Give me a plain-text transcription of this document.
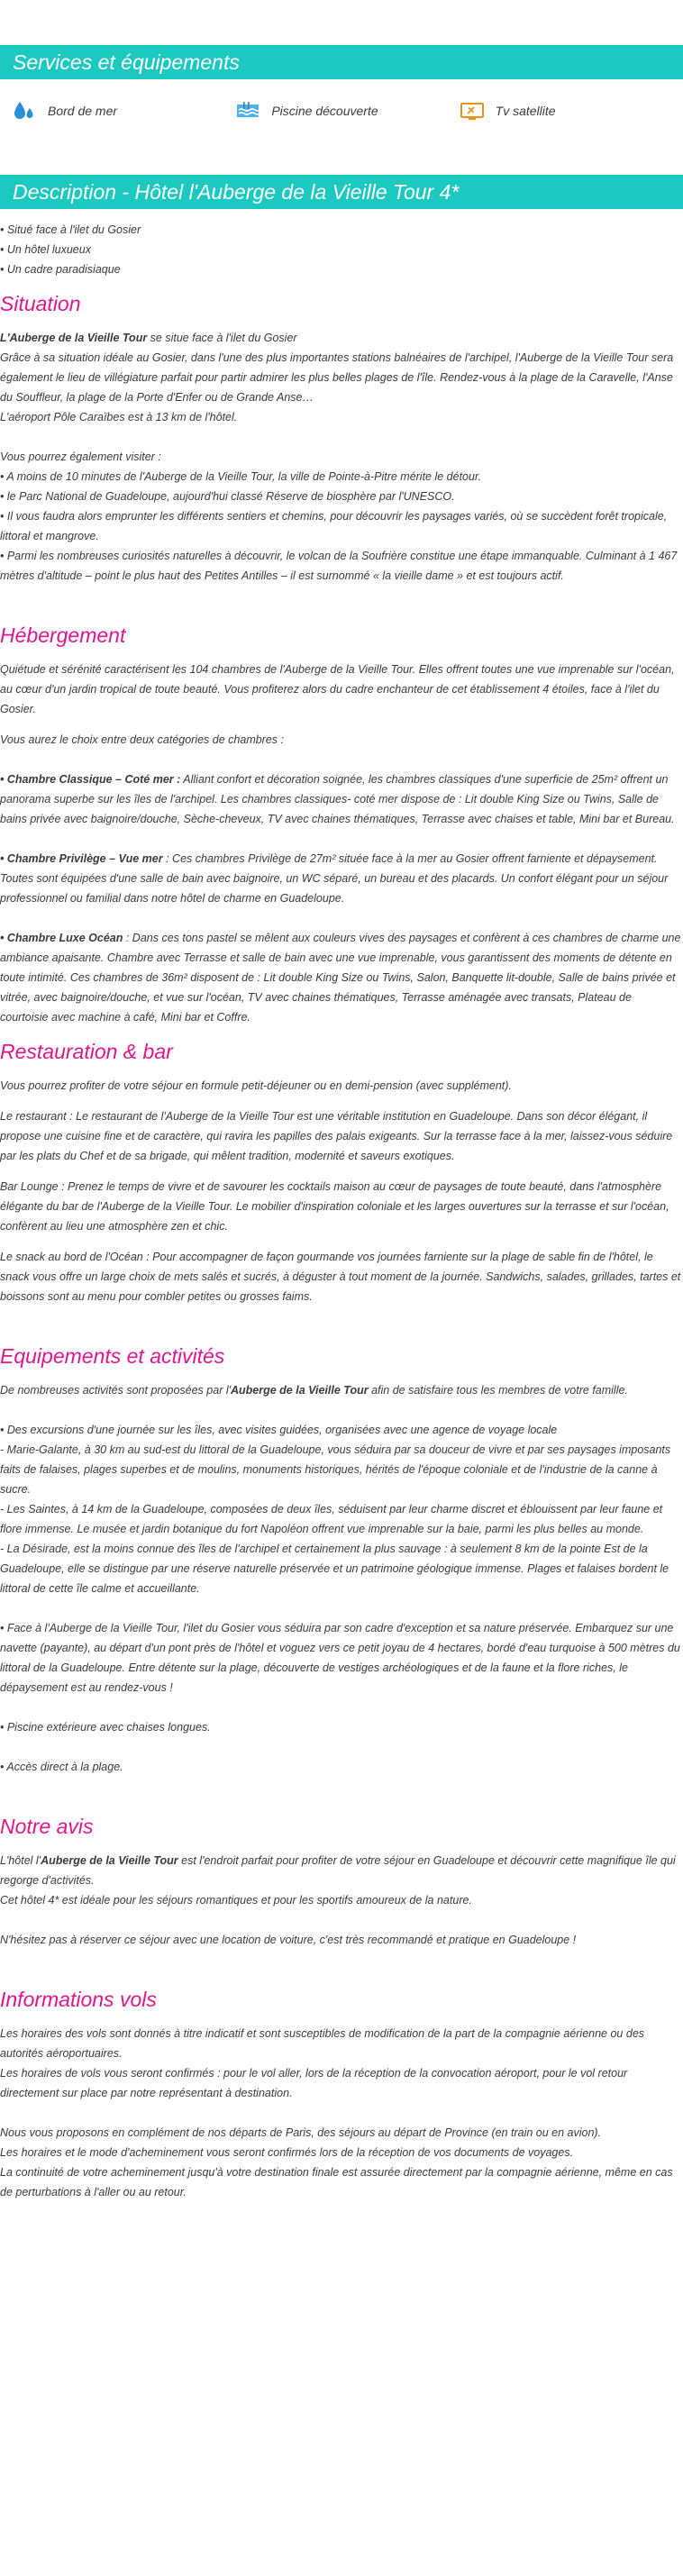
Services et équipements
Bord de mer	Piscine découverte	Tv satellite
Description - Hôtel l'Auberge de la Vieille Tour 4*

• Situé face à l'ilet du Gosier

• Un hôtel luxueux

• Un cadre paradisiaque

Situation

L'Auberge de la Vieille Tour se situe face à l'ilet du Gosier

Grâce à sa situation idéale au Gosier, dans l'une des plus importantes stations balnéaires de l'archipel, l'Auberge de la Vieille Tour sera également le lieu de villégiature parfait pour partir admirer les plus belles plages de l'île. Rendez-vous à la plage de la Caravelle, l'Anse du Souffleur, la plage de la Porte d'Enfer ou de Grande Anse…

L'aéroport Pôle Caraïbes est à 13 km de l'hôtel.

Vous pourrez également visiter :

• A moins de 10 minutes de l'Auberge de la Vieille Tour, la ville de Pointe-à-Pitre mérite le détour.

• le Parc National de Guadeloupe, aujourd'hui classé Réserve de biosphère par l'UNESCO.

• Il vous faudra alors emprunter les différents sentiers et chemins, pour découvrir les paysages variés, où se succèdent forêt tropicale, littoral et mangrove.

• Parmi les nombreuses curiosités naturelles à découvrir, le volcan de la Soufrière constitue une étape immanquable. Culminant à 1 467 mètres d'altitude – point le plus haut des Petites Antilles – il est surnommé « la vieille dame » et est toujours actif.

Hébergement

Quiétude et sérénité caractérisent les 104 chambres de l'Auberge de la Vieille Tour. Elles offrent toutes une vue imprenable sur l'océan, au cœur d'un jardin tropical de toute beauté. Vous profiterez alors du cadre enchanteur de cet établissement 4 étoiles, face à l'ilet du Gosier.

Vous aurez le choix entre deux catégories de chambres :

• Chambre Classique – Coté mer : Alliant confort et décoration soignée, les chambres classiques d'une superficie de 25m² offrent un panorama superbe sur les îles de l'archipel. Les chambres classiques- coté mer dispose de : Lit double King Size ou Twins, Salle de bains privée avec baignoire/douche, Sèche-cheveux, TV avec chaines thématiques, Terrasse avec chaises et table, Mini bar et Bureau.

• Chambre Privilège – Vue mer : Ces chambres Privilège de 27m² située face à la mer au Gosier offrent farniente et dépaysement. Toutes sont équipées d'une salle de bain avec baignoire, un WC séparé, un bureau et des placards. Un confort élégant pour un séjour professionnel ou familial dans notre hôtel de charme en Guadeloupe.

• Chambre Luxe Océan : Dans ces tons pastel se mêlent aux couleurs vives des paysages et confèrent à ces chambres de charme une ambiance apaisante. Chambre avec Terrasse et salle de bain avec une vue imprenable, vous garantissent des moments de détente en toute intimité. Ces chambres de 36m² disposent de : Lit double King Size ou Twins, Salon, Banquette lit-double, Salle de bains privée et vitrée, avec baignoire/douche, et vue sur l'océan, TV avec chaines thématiques, Terrasse aménagée avec transats, Plateau de courtoisie avec machine à café, Mini bar et Coffre.

Restauration & bar

Vous pourrez profiter de votre séjour en formule petit-déjeuner ou en demi-pension (avec supplément).

Le restaurant : Le restaurant de l'Auberge de la Vieille Tour est une véritable institution en Guadeloupe. Dans son décor élégant, il propose une cuisine fine et de caractère, qui ravira les papilles des palais exigeants. Sur la terrasse face à la mer, laissez-vous séduire par les plats du Chef et de sa brigade, qui mêlent tradition, modernité et saveurs exotiques.

Bar Lounge : Prenez le temps de vivre et de savourer les cocktails maison au cœur de paysages de toute beauté, dans l'atmosphère élégante du bar de l'Auberge de la Vieille Tour. Le mobilier d'inspiration coloniale et les larges ouvertures sur la terrasse et sur l'océan, confèrent au lieu une atmosphère zen et chic.

Le snack au bord de l'Océan : Pour accompagner de façon gourmande vos journées farniente sur la plage de sable fin de l'hôtel, le snack vous offre un large choix de mets salés et sucrés, à déguster à tout moment de la journée. Sandwichs, salades, grillades, tartes et boissons sont au menu pour combler petites ou grosses faims.

Equipements et activités

De nombreuses activités sont proposées par l'Auberge de la Vieille Tour afin de satisfaire tous les membres de votre famille.

• Des excursions d'une journée sur les îles, avec visites guidées, organisées avec une agence de voyage locale

- Marie-Galante, à 30 km au sud-est du littoral de la Guadeloupe, vous séduira par sa douceur de vivre et par ses paysages imposants faits de falaises, plages superbes et de moulins, monuments historiques, hérités de l'époque coloniale et de l'industrie de la canne à sucre.

- Les Saintes, à 14 km de la Guadeloupe, composées de deux îles, séduisent par leur charme discret et éblouissent par leur faune et flore immense. Le musée et jardin botanique du fort Napoléon offrent vue imprenable sur la baie, parmi les plus belles au monde.

- La Désirade, est la moins connue des îles de l'archipel et certainement la plus sauvage : à seulement 8 km de la pointe Est de la Guadeloupe, elle se distingue par une réserve naturelle préservée et un patrimoine géologique immense. Plages et falaises bordent le littoral de cette île calme et accueillante.

• Face à l'Auberge de la Vieille Tour, l'ilet du Gosier vous séduira par son cadre d'exception et sa nature préservée. Embarquez sur une navette (payante), au départ d'un pont près de l'hôtel et voguez vers ce petit joyau de 4 hectares, bordé d'eau turquoise à 500 mètres du littoral de la Guadeloupe. Entre détente sur la plage, découverte de vestiges archéologiques et de la faune et la flore riches, le dépaysement est au rendez-vous !

• Piscine extérieure avec chaises longues.

• Accès direct à la plage.

Notre avis

L'hôtel l'Auberge de la Vieille Tour est l'endroit parfait pour profiter de votre séjour en Guadeloupe et découvrir cette magnifique île qui regorge d'activités.

Cet hôtel 4* est idéale pour les séjours romantiques et pour les sportifs amoureux de la nature.

N'hésitez pas à réserver ce séjour avec une location de voiture, c'est très recommandé et pratique en Guadeloupe !

Informations vols

Les horaires des vols sont donnés à titre indicatif et sont susceptibles de modification de la part de la compagnie aérienne ou des autorités aéroportuaires.

Les horaires de vols vous seront confirmés : pour le vol aller, lors de la réception de la convocation aéroport, pour le vol retour directement sur place par notre représentant à destination.

Nous vous proposons en complément de nos départs de Paris, des séjours au départ de Province (en train ou en avion).

Les horaires et le mode d'acheminement vous seront confirmés lors de la réception de vos documents de voyages.

La continuité de votre acheminement jusqu'à votre destination finale est assurée directement par la compagnie aérienne, même en cas de perturbations à l'aller ou au retour.
